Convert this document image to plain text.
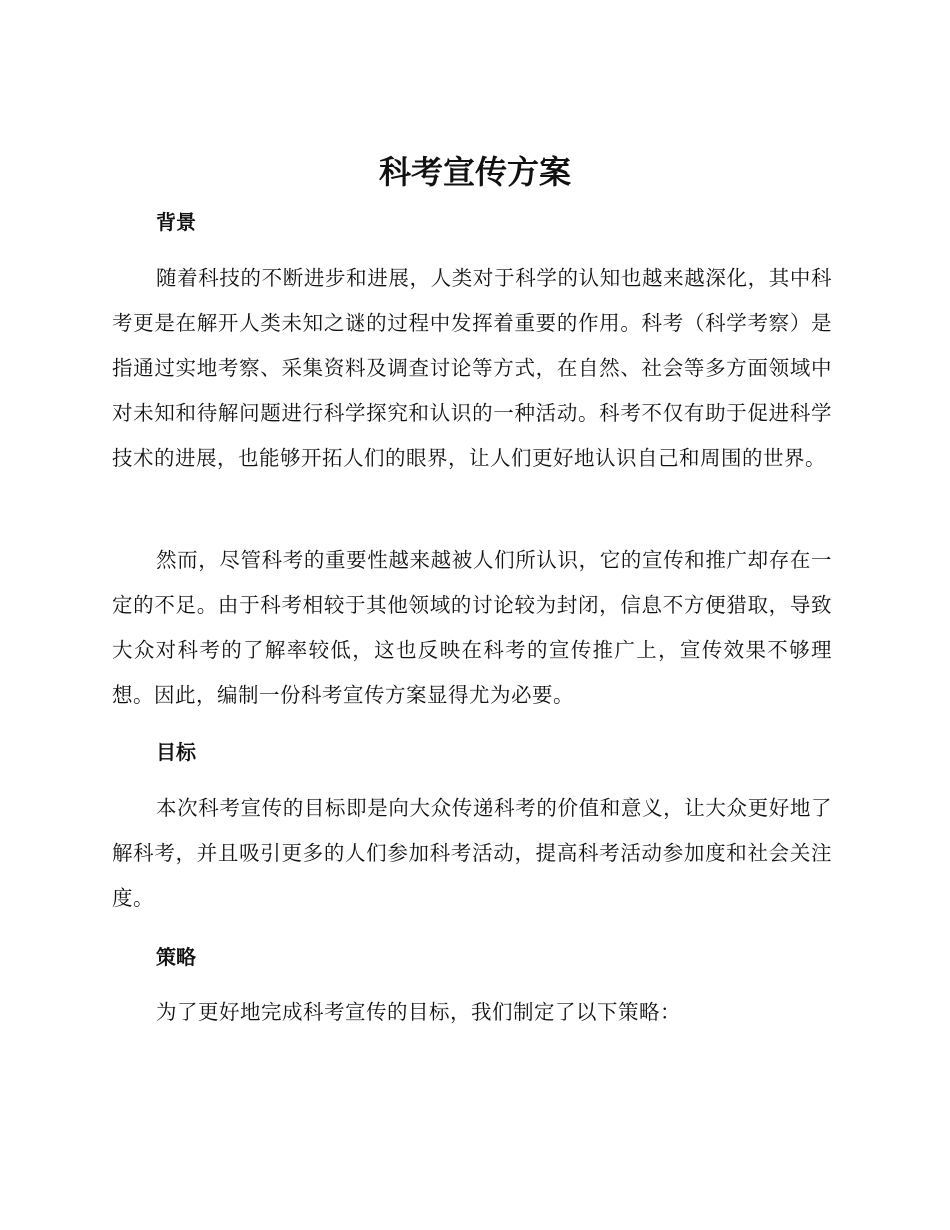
科考宣传方案
背景

随着科技的不断进步和进展，人类对于科学的认知也越来越深化，其中科考更是在解开人类未知之谜的过程中发挥着重要的作用。科考（科学考察）是指通过实地考察、采集资料及调查讨论等方式，在自然、社会等多方面领域中对未知和待解问题进行科学探究和认识的一种活动。科考不仅有助于促进科学技术的进展，也能够开拓人们的眼界，让人们更好地认识自己和周围的世界。

然而，尽管科考的重要性越来越被人们所认识，它的宣传和推广却存在一定的不足。由于科考相较于其他领域的讨论较为封闭，信息不方便猎取，导致大众对科考的了解率较低，这也反映在科考的宣传推广上，宣传效果不够理想。因此，编制一份科考宣传方案显得尤为必要。

目标

本次科考宣传的目标即是向大众传递科考的价值和意义，让大众更好地了解科考，并且吸引更多的人们参加科考活动，提高科考活动参加度和社会关注度。

策略

为了更好地完成科考宣传的目标，我们制定了以下策略：
